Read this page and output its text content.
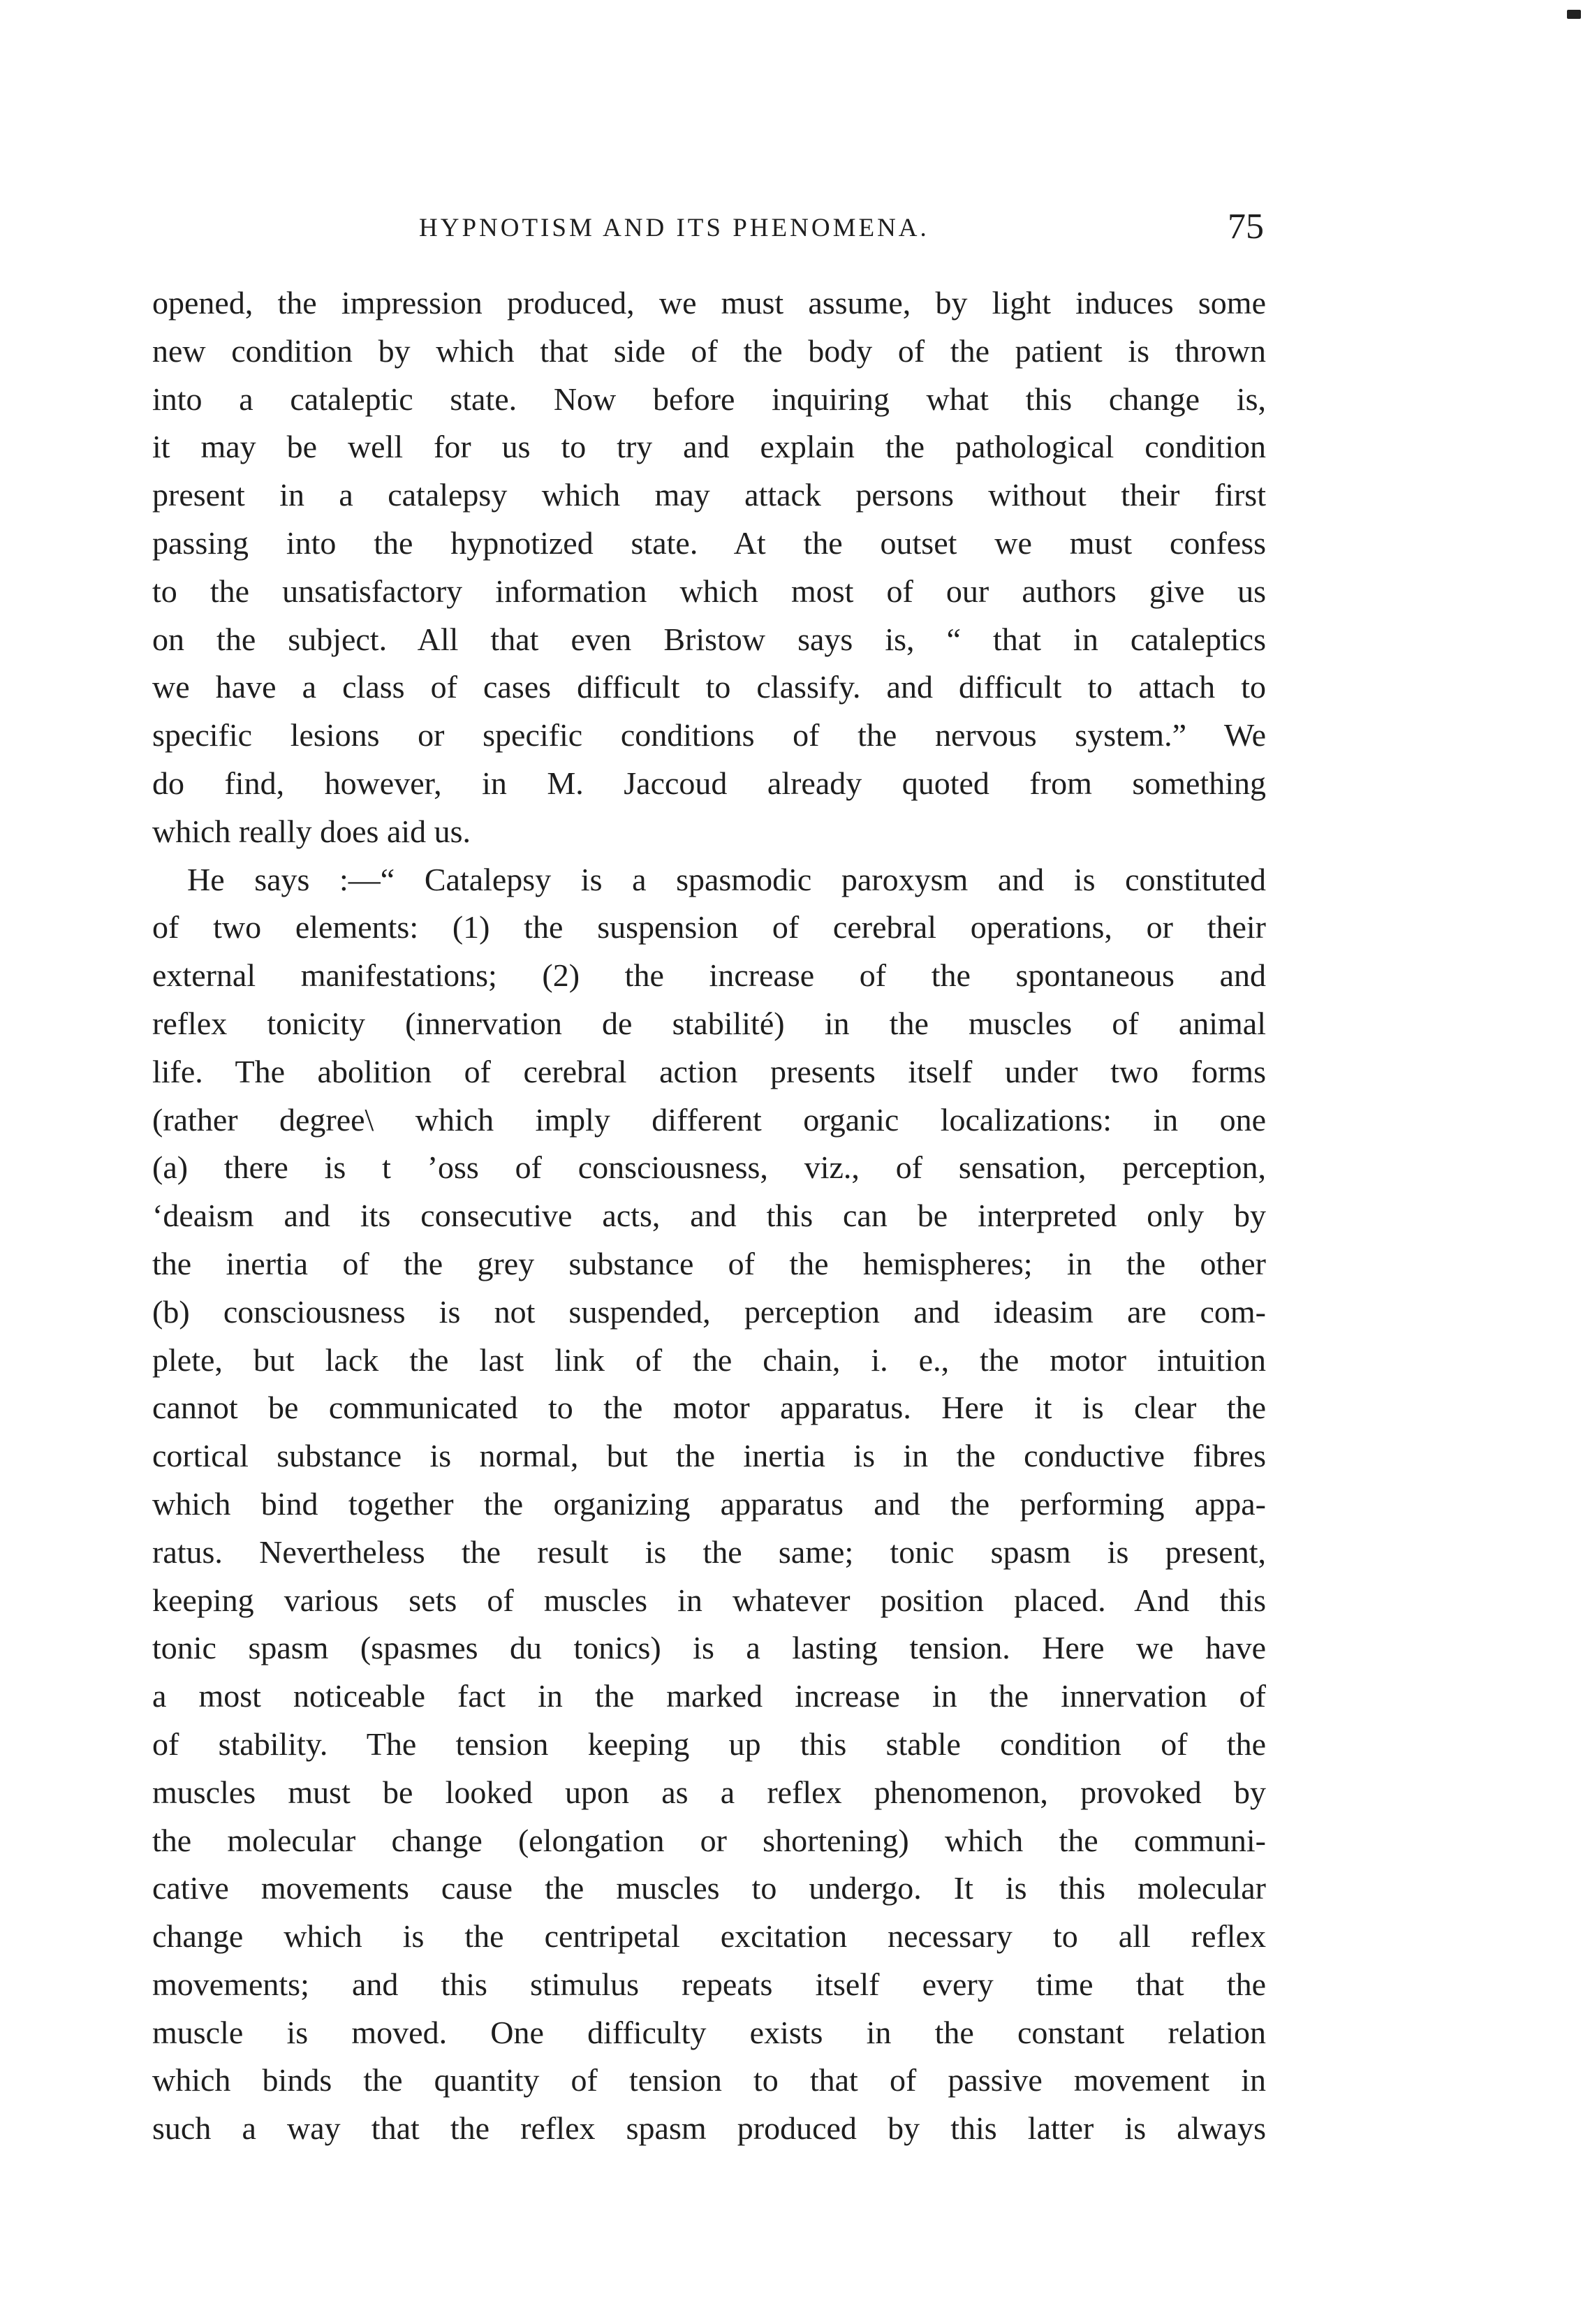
HYPNOTISM AND ITS PHENOMENA.	75
opened, the impression produced, we must assume, by light induces some
new condition by which that side of the body of the patient is thrown
into a cataleptic state. Now before inquiring what this change is,
it may be well for us to try and explain the pathological condition
present in a catalepsy which may attack persons without their first
passing into the hypnotized state. At the outset we must confess
to the unsatisfactory information which most of our authors give us
on the subject. All that even Bristow says is, “ that in cataleptics
we have a class of cases difficult to classify. and difficult to attach to
specific lesions or specific conditions of the nervous system.” We
do find, however, in M. Jaccoud already quoted from something
which really does aid us.
He says :—“ Catalepsy is a spasmodic paroxysm and is constituted
of two elements: (1) the suspension of cerebral operations, or their
external manifestations; (2) the increase of the spontaneous and
reflex tonicity (innervation de stabilité) in the muscles of animal
life. The abolition of cerebral action presents itself under two forms
(rather degree\ which imply different organic localizations: in one
(a) there is t ’oss of consciousness, viz., of sensation, perception,
‘deaism and its consecutive acts, and this can be interpreted only by
the inertia of the grey substance of the hemispheres; in the other
(b) consciousness is not suspended, perception and ideasim are com-
plete, but lack the last link of the chain, i. e., the motor intuition
cannot be communicated to the motor apparatus. Here it is clear the
cortical substance is normal, but the inertia is in the conductive fibres
which bind together the organizing apparatus and the performing appa-
ratus. Nevertheless the result is the same; tonic spasm is present,
keeping various sets of muscles in whatever position placed. And this
tonic spasm (spasmes du tonics) is a lasting tension. Here we have
a most noticeable fact in the marked increase in the innervation of
of stability. The tension keeping up this stable condition of the
muscles must be looked upon as a reflex phenomenon, provoked by
the molecular change (elongation or shortening) which the communi-
cative movements cause the muscles to undergo. It is this molecular
change which is the centripetal excitation necessary to all reflex
movements; and this stimulus repeats itself every time that the
muscle is moved. One difficulty exists in the constant relation
which binds the quantity of tension to that of passive movement in
such a way that the reflex spasm produced by this latter is always
